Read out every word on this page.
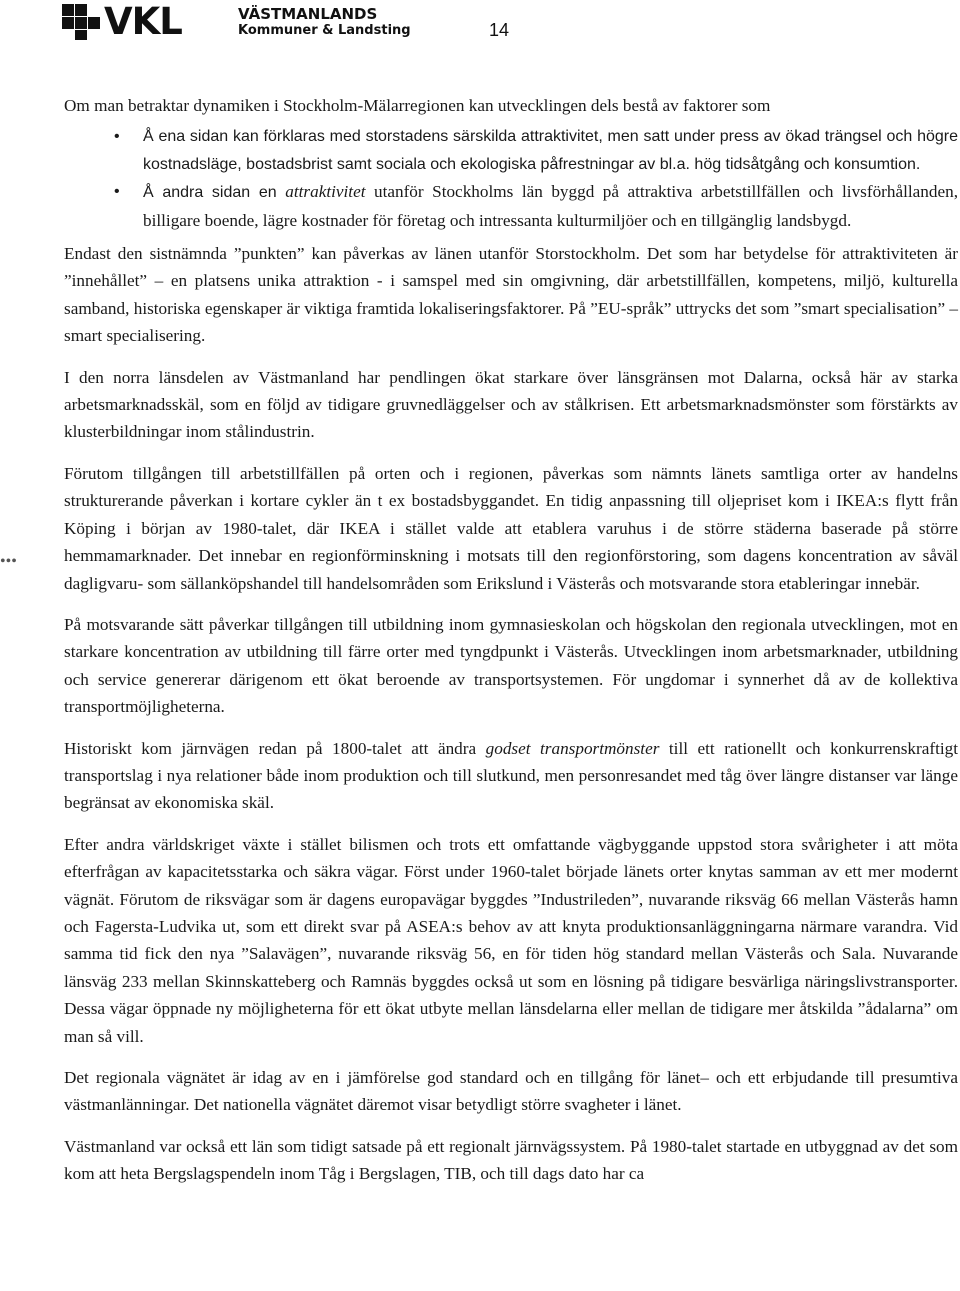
VKL	VÄSTMANLANDS
Kommuner & Landsting	14
•••

Om man betraktar dynamiken i Stockholm-Mälarregionen kan utvecklingen dels bestå av faktorer som

• Å ena sidan kan förklaras med storstadens särskilda attraktivitet, men satt under press av ökad trängsel och högre kostnadsläge, bostadsbrist samt sociala och ekologiska påfrestningar av bl.a. hög tidsåtgång och konsumtion.
• Å andra sidan en attraktivitet utanför Stockholms län byggd på attraktiva arbetstillfällen och livsförhållanden, billigare boende, lägre kostnader för företag och intressanta kulturmiljöer och en tillgänglig landsbygd.

Endast den sistnämnda ”punkten” kan påverkas av länen utanför Storstockholm. Det som har betydelse för attraktiviteten är ”innehållet” – en platsens unika attraktion - i samspel med sin omgivning, där arbetstillfällen, kompetens, miljö, kulturella samband, historiska egenskaper är viktiga framtida lokaliseringsfaktorer. På ”EU-språk” uttrycks det som ”smart specialisation” – smart specialisering.

I den norra länsdelen av Västmanland har pendlingen ökat starkare över länsgränsen mot Dalarna, också här av starka arbetsmarknadsskäl, som en följd av tidigare gruvnedläggelser och av stålkrisen. Ett arbetsmarknadsmönster som förstärkts av klusterbildningar inom stålindustrin.

Förutom tillgången till arbetstillfällen på orten och i regionen, påverkas som nämnts länets samtliga orter av handelns strukturerande påverkan i kortare cykler än t ex bostadsbyggandet. En tidig anpassning till oljepriset kom i IKEA:s flytt från Köping i början av 1980-talet, där IKEA i stället valde att etablera varuhus i de större städerna baserade på större hemmamarknader. Det innebar en regionförminskning i motsats till den regionförstoring, som dagens koncentration av såväl dagligvaru- som sällanköpshandel till handelsområden som Erikslund i Västerås och motsvarande stora etableringar innebär.

På motsvarande sätt påverkar tillgången till utbildning inom gymnasieskolan och högskolan den regionala utvecklingen, mot en starkare koncentration av utbildning till färre orter med tyngdpunkt i Västerås. Utvecklingen inom arbetsmarknader, utbildning och service genererar därigenom ett ökat beroende av transportsystemen. För ungdomar i synnerhet då av de kollektiva transportmöjligheterna.

Historiskt kom järnvägen redan på 1800-talet att ändra godset transportmönster till ett rationellt och konkurrenskraftigt transportslag i nya relationer både inom produktion och till slutkund, men personresandet med tåg över längre distanser var länge begränsat av ekonomiska skäl.

Efter andra världskriget växte i stället bilismen och trots ett omfattande vägbyggande uppstod stora svårigheter i att möta efterfrågan av kapacitetsstarka och säkra vägar. Först under 1960-talet började länets orter knytas samman av ett mer modernt vägnät. Förutom de riksvägar som är dagens europavägar byggdes ”Industrileden”, nuvarande riksväg 66 mellan Västerås hamn och Fagersta-Ludvika ut, som ett direkt svar på ASEA:s behov av att knyta produktionsanläggningarna närmare varandra. Vid samma tid fick den nya ”Salavägen”, nuvarande riksväg 56, en för tiden hög standard mellan Västerås och Sala. Nuvarande länsväg 233 mellan Skinnskatteberg och Ramnäs byggdes också ut som en lösning på tidigare besvärliga näringslivstransporter. Dessa vägar öppnade ny möjligheterna för ett ökat utbyte mellan länsdelarna eller mellan de tidigare mer åtskilda ”ådalarna” om man så vill.

Det regionala vägnätet är idag av en i jämförelse god standard och en tillgång för länet– och ett erbjudande till presumtiva västmanlänningar. Det nationella vägnätet däremot visar betydligt större svagheter i länet.

Västmanland var också ett län som tidigt satsade på ett regionalt järnvägssystem. På 1980-talet startade en utbyggnad av det som kom att heta Bergslagspendeln inom Tåg i Bergslagen, TIB, och till dags dato har ca
